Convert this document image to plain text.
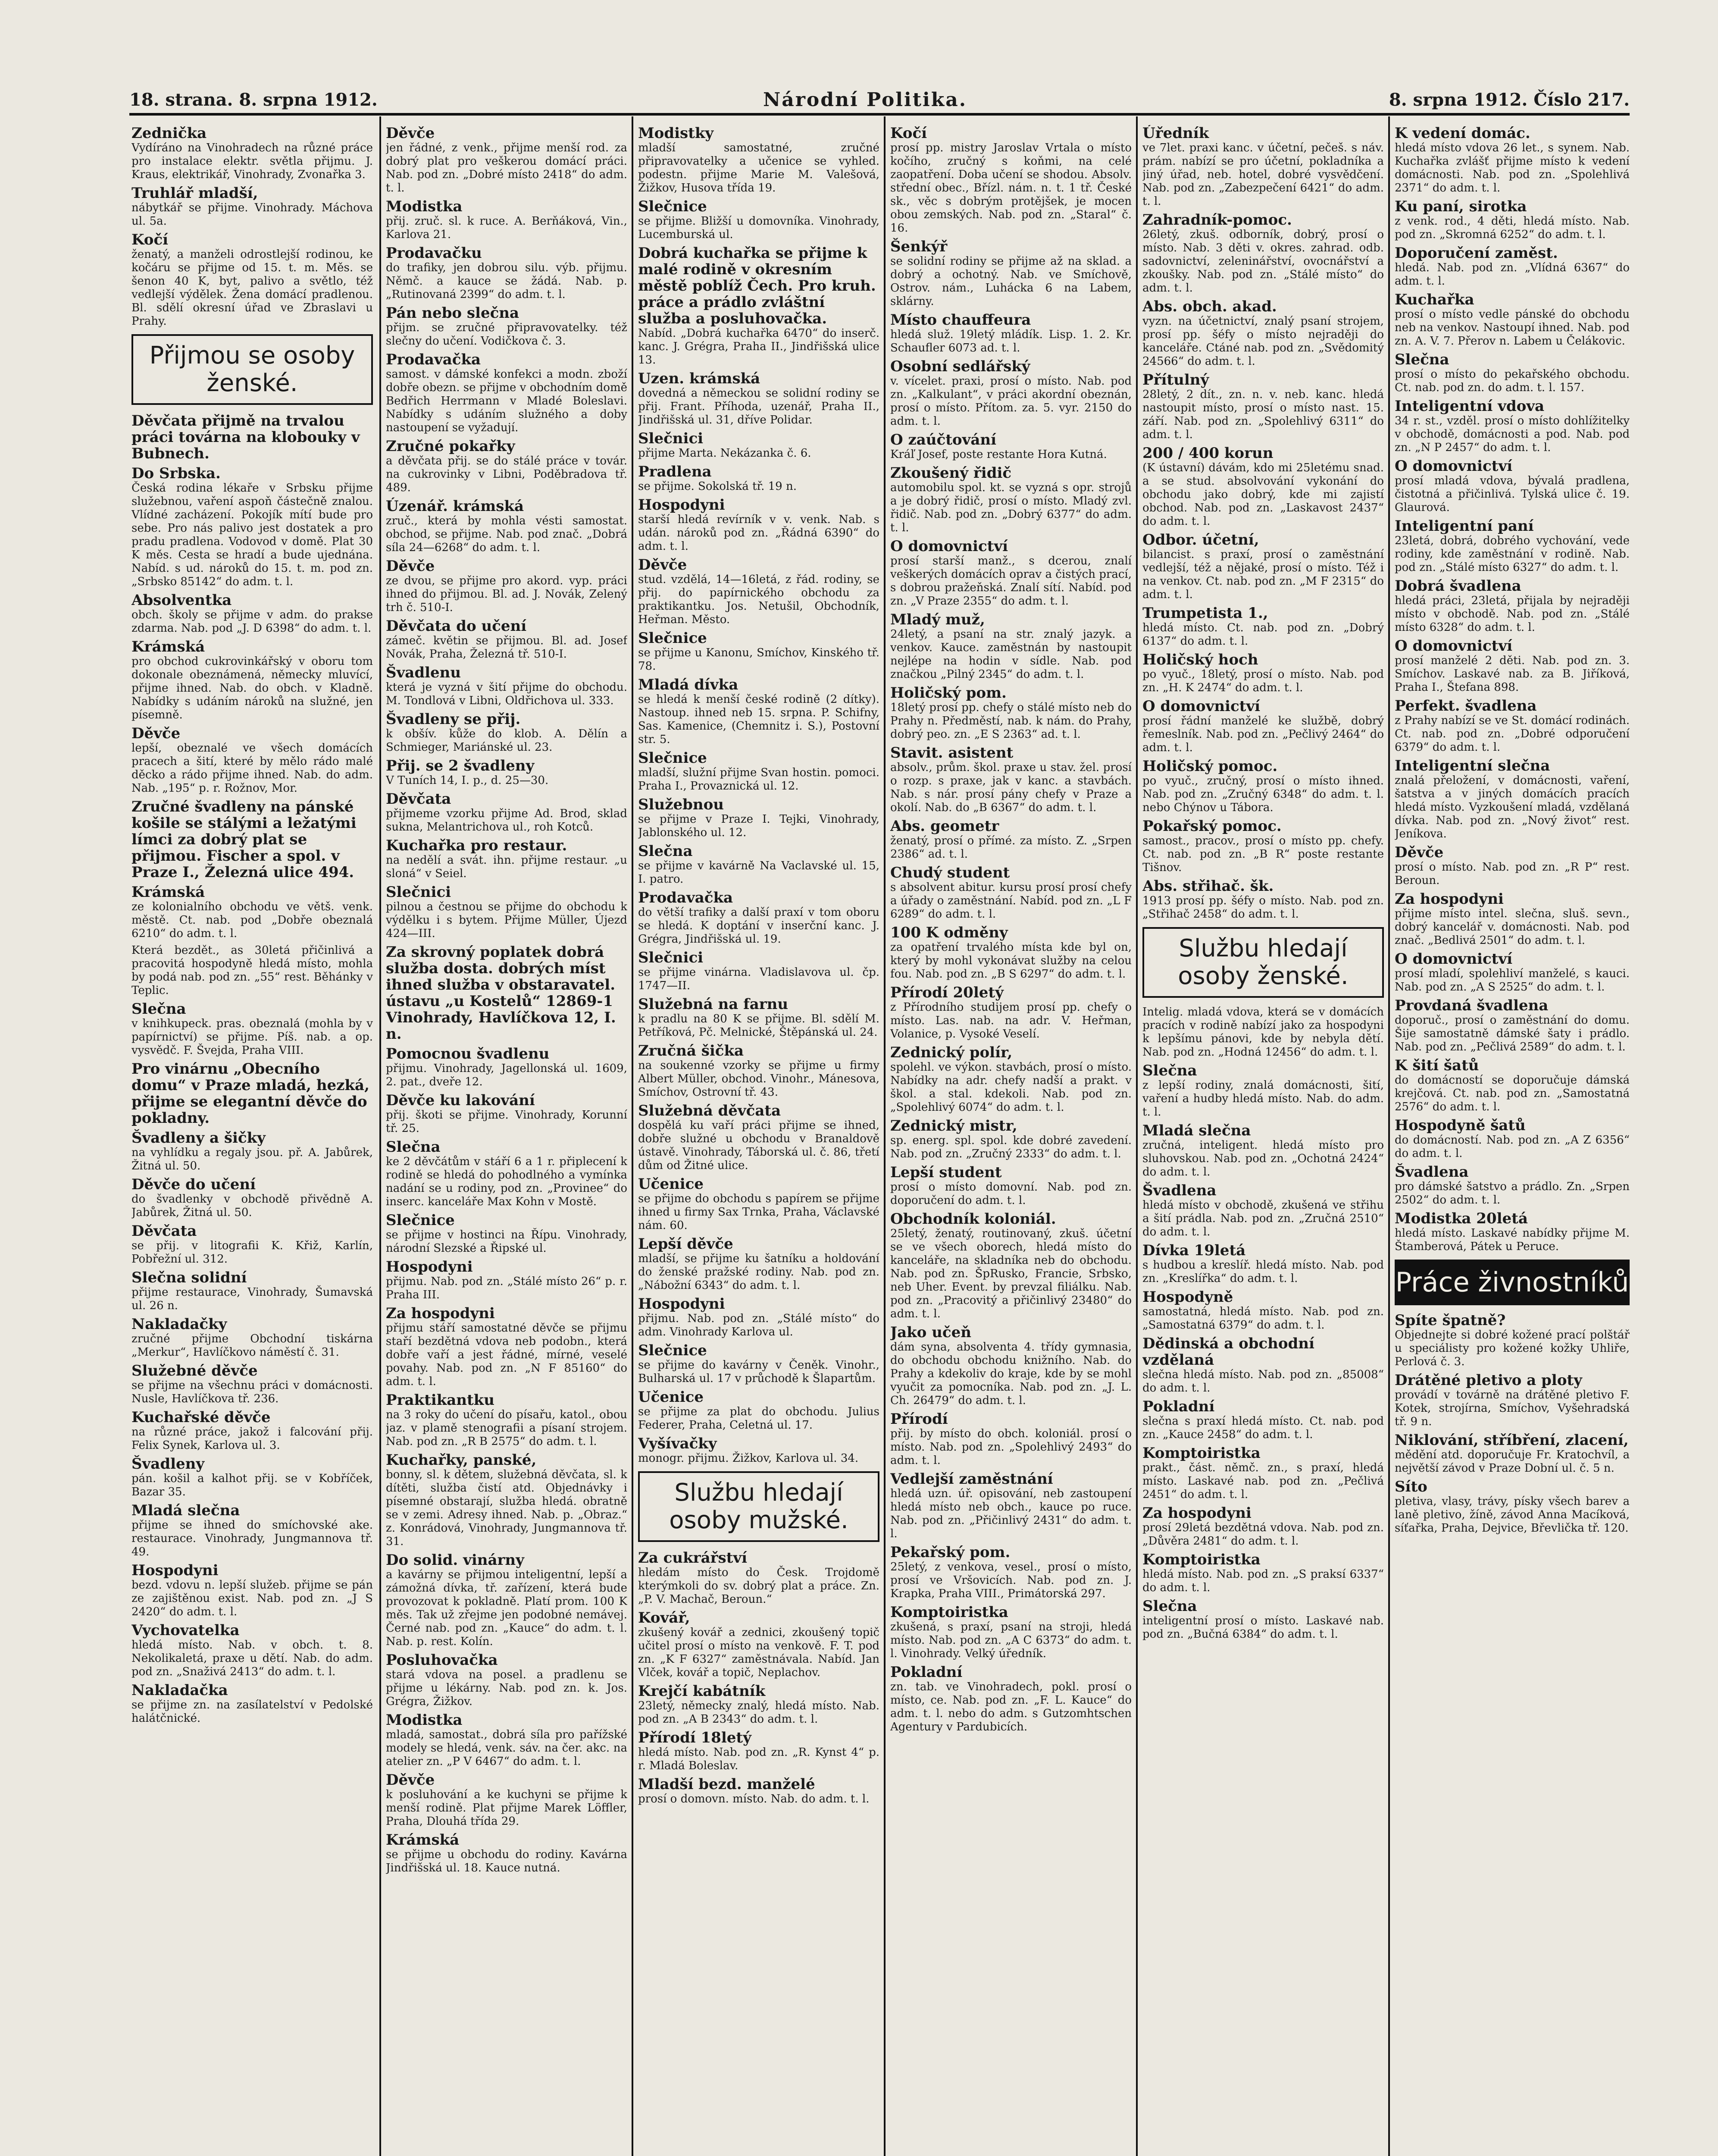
18. strana. 8. srpna 1912.	Národní Politika.	8. srpna 1912. Číslo 217.
Zednička
Vydíráno na Vinohradech na různé práce pro instalace elektr. světla přijmu. J. Kraus, elektrikář, Vinohrady, Zvonařka 3.
Truhlář mladší,
nábytkář se přijme. Vinohrady. Máchova ul. 5a.
Kočí
ženatý, a manželi odrostlejší rodinou, ke kočáru se přijme od 15. t. m. Měs. se šenon 40 K, byt, palivo a světlo, též vedlejší výdělek. Žena domácí pradlenou. Bl. sdělí okresní úřad ve Zbraslavi u Prahy.
Přijmou se osoby ženské.
Děvčata přijmě na trvalou práci továrna na klobouky v Bubnech.
Do Srbska.
Česká rodina lékaře v Srbsku přijme služebnou, vaření aspoň částečně znalou. Vlídné zacházení. Pokojík mítí bude pro sebe. Pro nás palivo jest dostatek a pro pradu pradlena. Vodovod v domě. Plat 30 K měs. Cesta se hradí a bude ujednána. Nabíd. s ud. nároků do 15. t. m. pod zn. „Srbsko 85142“ do adm. t. l.
Absolventka
obch. školy se přijme v adm. do prakse zdarma. Nab. pod „J. D 6398“ do adm. t. l.
Krámská
pro obchod cukrovinkářský v oboru tom dokonale obeznámená, německy mluvící, přijme ihned. Nab. do obch. v Kladně. Nabídky s udáním nároků na služné, jen písemně.
Děvče
lepší, obeznalé ve všech domácích pracech a šití, které by mělo rádo malé děcko a rádo přijme ihned. Nab. do adm. Nab. „195“ p. r. Rožnov, Mor.
Zručné švadleny na pánské košile se stálými a ležatými límci za dobrý plat se přijmou. Fischer a spol. v Praze I., Železná ulice 494.
Krámská
ze kolonialního obchodu ve větš. venk. městě. Ct. nab. pod „Dobře obeznalá 6210“ do adm. t. l.
Která bezdět., as 30letá přičinlivá a pracovitá hospodyně hledá místo, mohla by podá nab. pod zn. „55“ rest. Běhánky v Teplic.
Slečna
v knihkupeck. pras. obeznalá (mohla by v papírnictví) se přijme. Píš. nab. a op. vysvědč. F. Švejda, Praha VIII.
Pro vinárnu „Obecního domu“ v Praze mladá, hezká, přijme se elegantní děvče do pokladny.
Švadleny a šičky
na vyhlídku a regaly jsou. př. A. Jabůrek, Žitná ul. 50.
Děvče do učení
do švadlenky v obchodě přivědně A. Jabůrek, Žitná ul. 50.
Děvčata
se přij. v litografii K. Křiž, Karlín, Pobřežní ul. 312.
Slečna solidní
přijme restaurace, Vinohrady, Šumavská ul. 26 n.
Nakladačky
zručné přijme Obchodní tiskárna „Merkur“, Havlíčkovo náměstí č. 31.
Služebné děvče
se přijme na všechnu práci v domácnosti. Nusle, Havlíčkova tř. 236.
Kuchařské děvče
na různé práce, jakož i falcování přij. Felix Synek, Karlova ul. 3.
Švadleny
pán. košil a kalhot přij. se v Kobříček, Bazar 35.
Mladá slečna
přijme se ihned do smíchovské ake. restaurace. Vinohrady, Jungmannova tř. 49.
Hospodyni
bezd. vdovu n. lepší služeb. přijme se pán ze zajištěnou exist. Nab. pod zn. „J S 2420“ do adm. t. l.
Vychovatelka
hledá místo. Nab. v obch. t. 8. Nekolikaletá, praxe u dětí. Nab. do adm. pod zn. „Snaživá 2413“ do adm. t. l.
Nakladačka
se přijme zn. na zasílatelství v Pedolské halátčnické.
Děvče
jen řádné, z venk., přijme menší rod. za dobrý plat pro veškerou domácí práci. Nab. pod zn. „Dobré místo 2418“ do adm. t. l.
Modistka
přij. zruč. sl. k ruce. A. Berňáková, Vin., Karlova 21.
Prodavačku
do trafiky, jen dobrou silu. výb. přijmu. Němč. a kauce se žádá. Nab. p. „Rutinovaná 2399“ do adm. t. l.
Pán nebo slečna
přijm. se zručné připravovatelky. též slečny do učení. Vodičkova č. 3.
Prodavačka
samost. v dámské konfekci a modn. zboží dobře obezn. se přijme v obchodním domě Bedřich Herrmann v Mladé Boleslavi. Nabídky s udáním služného a doby nastoupení se vyžadují.
Zručné pokařky
a děvčata přij. se do stálé práce v továr. na cukrovinky v Libni, Poděbradova tř. 489.
Úzenář. krámská
zruč., která by mohla vésti samostat. obchod, se přijme. Nab. pod znač. „Dobrá síla 24—6268“ do adm. t. l.
Děvče
ze dvou, se přijme pro akord. vyp. práci ihned do přijmou. Bl. ad. J. Novák, Zelený trh č. 510-I.
Děvčata do učení
zámeč. květin se přijmou. Bl. ad. Josef Novák, Praha, Železná tř. 510-I.
Švadlenu
která je vyzná v šití přijme do obchodu. M. Tondlová v Libni, Oldřichova ul. 333.
Švadleny se přij.
k obšív. kůže do klob. A. Dělín a Schmieger, Mariánské ul. 23.
Přij. se 2 švadleny
V Tuních 14, I. p., d. 25—30.
Děvčata
přijmeme vzorku přijme Ad. Brod, sklad sukna, Melantrichova ul., roh Kotců.
Kuchařka pro restaur.
na nedělí a svát. ihn. přijme restaur. „u sloná“ v Seiel.
Slečnici
pilnou a čestnou se přijme do obchodu k výdělku i s bytem. Přijme Müller, Újezd 424—III.
Za skrovný poplatek dobrá služba dosta. dobrých míst ihned služba v obstaravatel. ústavu „u Kostelů“ 12869-1 Vinohrady, Havlíčkova 12, I. n.
Pomocnou švadlenu
přijmu. Vinohrady, Jagellonská ul. 1609, 2. pat., dveře 12.
Děvče ku lakování
přij. škoti se přijme. Vinohrady, Korunní tř. 25.
Slečna
ke 2 děvčátům v stáří 6 a 1 r. připlecení k rodině se hledá do pohodlného a vymínka nadání se u rodiny, pod zn. „Provinee“ do inserc. kanceláře Max Kohn v Mostě.
Slečnice
se přijme v hostinci na Řípu. Vinohrady, národní Slezské a Řipské ul.
Hospodyni
přijmu. Nab. pod zn. „Stálé místo 26“ p. r. Praha III.
Za hospodyni
přijmu stáří samostatné děvče se přijmu staří bezdětná vdova neb podobn., která dobře vaří a jest řádné, mírné, veselé povahy. Nab. pod zn. „N F 85160“ do adm. t. l.
Praktikantku
na 3 roky do učení do písařu, katol., obou jaz. v plamě stenografii a písaní strojem. Nab. pod zn. „R B 2575“ do adm. t. l.
Kuchařky, panské,
bonny, sl. k dětem, služebná děvčata, sl. k dítěti, služba čistí atd. Objednávky i písemné obstarají, služba hledá. obratně se v zemi. Adresy ihned. Nab. p. „Obraz.“ z. Konrádová, Vinohrady, Jungmannova tř. 31.
Do solid. vinárny
a kavárny se přijmou inteligentní, lepší a zámožná dívka, tř. zařízení, která bude provozovat k pokladně. Platí prom. 100 K měs. Tak už zřejme jen podobné nemávej. Černé nab. pod zn. „Kauce“ do adm. t. l. Nab. p. rest. Kolín.
Posluhovačka
stará vdova na posel. a pradlenu se přijme u lékárny. Nab. pod zn. k. Jos. Grégra, Žižkov.
Modistka
mladá, samostat., dobrá síla pro pařížské modely se hledá, venk. sáv. na čer. akc. na atelier zn. „P V 6467“ do adm. t. l.
Děvče
k posluhování a ke kuchyni se přijme k menší rodině. Plat přijme Marek Löffler, Praha, Dlouhá třída 29.
Krámská
se přijme u obchodu do rodiny. Kavárna Jindřišská ul. 18. Kauce nutná.
Modistky
mladší samostatné, zručné připravovatelky a učenice se vyhled. podestn. přijme Marie M. Valešová, Žižkov, Husova třída 19.
Slečnice
se přijme. Bližší u domovníka. Vinohrady, Lucemburská ul.
Dobrá kuchařka se přijme k malé rodině v okresním městě poblíž Čech. Pro kruh. práce a prádlo zvláštní služba a posluhovačka.
Nabíd. „Dobrá kuchařka 6470“ do inserč. kanc. J. Grégra, Praha II., Jindřišská ulice 13.
Uzen. krámská
dovedná a německou se solidní rodiny se přij. Frant. Příhoda, uzenář, Praha II., Jindřišská ul. 31, dříve Polidar.
Slečnici
přijme Marta. Nekázanka č. 6.
Pradlena
se přijme. Sokolská tř. 19 n.
Hospodyni
starší hledá revírník v v. venk. Nab. s udán. nároků pod zn. „Řádná 6390“ do adm. t. l.
Děvče
stud. vzdělá, 14—16letá, z řád. rodiny, se přij. do papírnického obchodu za praktikantku. Jos. Netušil, Obchodník, Heřman. Město.
Slečnice
se přijme u Kanonu, Smíchov, Kinského tř. 78.
Mladá dívka
se hledá k menší české rodině (2 dítky). Nastoup. ihned neb 15. srpna. P. Schifny, Sas. Kamenice, (Chemnitz i. S.), Postovní str. 5.
Slečnice
mladší, služní přijme Svan hostin. pomoci. Praha I., Provaznická ul. 12.
Služebnou
se přijme v Praze I. Tejki, Vinohrady, Jablonského ul. 12.
Slečna
se přijme v kavárně Na Vaclavské ul. 15, I. patro.
Prodavačka
do větší trafiky a další praxí v tom oboru se hledá. K doptání v inserční kanc. J. Grégra, Jindřišská ul. 19.
Slečnici
se přijme vinárna. Vladislavova ul. čp. 1747—II.
Služebná na farnu
k pradlu na 80 K se přijme. Bl. sdělí M. Petříková, Pč. Melnické, Štěpánská ul. 24.
Zručná šička
na soukenné vzorky se přijme u firmy Albert Müller, obchod. Vinohr., Mánesova, Smíchov, Ostrovní tř. 43.
Služebná děvčata
dospělá ku vaří práci přijme se ihned, dobře služné u obchodu v Branaldově ústavě. Vinohrady, Táborská ul. č. 86, třetí dům od Žitné ulice.
Učenice
se přijme do obchodu s papírem se přijme ihned u firmy Sax Trnka, Praha, Václavské nám. 60.
Lepší děvče
mladší, se přijme ku šatníku a holdování do ženské pražské rodiny. Nab. pod zn. „Nábožní 6343“ do adm. t. l.
Hospodyni
přijmu. Nab. pod zn. „Stálé místo“ do adm. Vinohrady Karlova ul.
Slečnice
se přijme do kavárny v Čeněk. Vinohr., Bulharská ul. 17 v průchodě k Šlapartům.
Učenice
se přijme za plat do obchodu. Julius Federer, Praha, Celetná ul. 17.
Vyšívačky
monogr. přijmu. Žižkov, Karlova ul. 34.
Službu hledají osoby mužské.
Za cukrářství
hledám místo do Česk. Trojdomě kterýmkoli do sv. dobrý plat a práce. Zn. „P. V. Machač, Beroun.“
Kovář,
zkušený kovář a zednici, zkoušený topič učitel prosí o místo na venkově. F. T. pod zn. „K F 6327“ zaměstnávala. Nabíd. Jan Vlček, kovář a topič, Neplachov.
Krejčí kabátník
23letý, německy znalý, hledá místo. Nab. pod zn. „A B 2343“ do adm. t. l.
Přírodí 18letý
hledá místo. Nab. pod zn. „R. Kynst 4“ p. r. Mladá Boleslav.
Mladší bezd. manželé
prosí o domovn. místo. Nab. do adm. t. l.
Kočí
prosí pp. mistry Jaroslav Vrtala o místo kočího, zručný s koňmi, na celé zaopatření. Doba učení se shodou. Absolv. střední obec., Břízl. nám. n. t. 1 tř. České sk., věc s dobrým protějšek, je mocen obou zemských. Nab. pod zn. „Staral“ č. 16.
Šenkýř
se solidní rodiny se přijme až na sklad. a dobrý a ochotný. Nab. ve Smíchově, Ostrov. nám., Luhácka 6 na Labem, sklárny.
Místo chauffeura
hledá služ. 19letý mládík. Lisp. 1. 2. Kr. Schaufler 6073 ad. t. l.
Osobní sedlářský
v. vícelet. praxi, prosí o místo. Nab. pod zn. „Kalkulant“, v práci akordní obeznán, prosí o místo. Přítom. za. 5. vyr. 2150 do adm. t. l.
O zaúčtování
Kráľ Josef, poste restante Hora Kutná.
Zkoušený řidič
automobilu spol. kt. se vyzná s opr. strojů a je dobrý řidič, prosí o místo. Mladý zvl. řidič. Nab. pod zn. „Dobrý 6377“ do adm. t. l.
O domovnictví
prosí starší manž., s dcerou, znalí veškerých domácích oprav a čistých prací, s dobrou pražeňská. Znalí sítí. Nabíd. pod zn. „V Praze 2355“ do adm. t. l.
Mladý muž,
24letý, a psaní na str. znalý jazyk. a venkov. Kauce. zaměstnán by nastoupit nejlépe na hodin v sídle. Nab. pod značkou „Pilný 2345“ do adm. t. l.
Holičský pom.
18letý prosí pp. chefy o stálé místo neb do Prahy n. Předměstí, nab. k nám. do Prahy, dobrý peo. zn. „E S 2363“ ad. t. l.
Stavit. asistent
absolv., prům. škol. praxe u stav. žel. prosí o rozp. s praxe, jak v kanc. a stavbách. Nab. s nár. prosí pány chefy v Praze a okolí. Nab. do „B 6367“ do adm. t. l.
Abs. geometr
ženatý, prosí o přímé. za místo. Z. „Srpen 2386“ ad. t. l.
Chudý student
s absolvent abitur. kursu prosí prosí chefy a úřady o zaměstnání. Nabíd. pod zn. „L F 6289“ do adm. t. l.
100 K odměny
za opatření trvalého místa kde byl on, který by mohl vykonávat služby na celou fou. Nab. pod zn. „B S 6297“ do adm. t. l.
Přírodí 20letý
z Přírodního studijem prosí pp. chefy o místo. Las. nab. na adr. V. Heřman, Volanice, p. Vysoké Veselí.
Zednický polír,
spolehl. ve výkon. stavbách, prosí o místo. Nabídky na adr. chefy nadší a prakt. v škol. a stal. kdekoli. Nab. pod zn. „Spolehlivý 6074“ do adm. t. l.
Zednický mistr,
sp. energ. spl. spol. kde dobré zavedení. Nab. pod zn. „Zručný 2333“ do adm. t. l.
Lepší student
prosí o místo domovní. Nab. pod zn. doporučení do adm. t. l.
Obchodník koloniál.
25letý, ženatý, routinovaný, zkuš. účetní se ve všech oborech, hledá místo do kanceláře, na skladníka neb do obchodu. Nab. pod zn. ŠpRusko, Francie, Srbsko, neb Uher. Event. by prevzal filiálku. Nab. pod zn. „Pracovitý a přičinlivý 23480“ do adm. t. l.
Jako učeň
dám syna, absolventa 4. třídy gymnasia, do obchodu obchodu knižního. Nab. do Prahy a kdekoliv do kraje, kde by se mohl vyučit za pomocníka. Nab. pod zn. „J. L. Ch. 26479“ do adm. t. l.
Přírodí
přij. by místo do obch. koloniál. prosí o místo. Nab. pod zn. „Spolehlivý 2493“ do adm. t. l.
Vedlejší zaměstnání
hledá uzn. úř. opisování, neb zastoupení hledá místo neb obch., kauce po ruce. Nab. pod zn. „Přičinlivý 2431“ do adm. t. l.
Pekařský pom.
25letý, z venkova, vesel., prosí o místo, prosí ve Vršovicích. Nab. pod zn. J. Krapka, Praha VIII., Primátorská 297.
Komptoiristka
zkušená, s praxí, psaní na stroji, hledá místo. Nab. pod zn. „A C 6373“ do adm. t. l. Vinohrady. Velký úředník.
Pokladní
zn. tab. ve Vinohradech, pokl. prosí o místo, ce. Nab. pod zn. „F. L. Kauce“ do adm. t. l. nebo do adm. s Gutzomhtschen Agentury v Pardubicích.
Úředník
ve 7let. praxi kanc. v účetní, pečeš. s náv. prám. nabízí se pro účetní, pokladníka a jiný úřad, neb. hotel, dobré vysvědčení. Nab. pod zn. „Zabezpečení 6421“ do adm. t. l.
Zahradník-pomoc.
26letý, zkuš. odborník, dobrý, prosí o místo. Nab. 3 děti v. okres. zahrad. odb. sadovnictví, zeleninářství, ovocnářství a zkoušky. Nab. pod zn. „Stálé místo“ do adm. t. l.
Abs. obch. akad.
vyzn. na účetnictví, znalý psaní strojem, prosí pp. šéfy o místo nejraději do kanceláře. Ctáné nab. pod zn. „Svědomitý 24566“ do adm. t. l.
Přítulný
28letý, 2 dít., zn. n. v. neb. kanc. hledá nastoupit místo, prosí o místo nast. 15. září. Nab. pod zn. „Spolehlivý 6311“ do adm. t. l.
200 / 400 korun
(K ústavní) dávám, kdo mi 25letému snad. a se stud. absolvování vykonání do obchodu jako dobrý, kde mi zajistí obchod. Nab. pod zn. „Laskavost 2437“ do adm. t. l.
Odbor. účetní,
bilancist. s praxí, prosí o zaměstnání vedlejší, též a nějaké, prosí o místo. Též i na venkov. Ct. nab. pod zn. „M F 2315“ do adm. t. l.
Trumpetista 1.,
hledá místo. Ct. nab. pod zn. „Dobrý 6137“ do adm. t. l.
Holičský hoch
po vyuč., 18letý, prosí o místo. Nab. pod zn. „H. K 2474“ do adm. t. l.
O domovnictví
prosí řádní manželé ke službě, dobrý řemeslník. Nab. pod zn. „Pečlivý 2464“ do adm. t. l.
Holičský pomoc.
po vyuč., zručný, prosí o místo ihned. Nab. pod zn. „Zručný 6348“ do adm. t. l. nebo Chýnov u Tábora.
Pokařský pomoc.
samost., pracov., prosí o místo pp. chefy. Ct. nab. pod zn. „B R“ poste restante Tišnov.
Abs. střihač. šk.
1913 prosí pp. šéfy o místo. Nab. pod zn. „Střihač 2458“ do adm. t. l.
Službu hledají osoby ženské.
Intelig. mladá vdova, která se v domácích pracích v rodině nabízí jako za hospodyni k lepšímu pánovi, kde by nebyla dětí. Nab. pod zn. „Hodná 12456“ do adm. t. l.
Slečna
z lepší rodiny, znalá domácnosti, šití, vaření a hudby hledá místo. Nab. do adm. t. l.
Mladá slečna
zručná, inteligent. hledá místo pro sluhovskou. Nab. pod zn. „Ochotná 2424“ do adm. t. l.
Švadlena
hledá místo v obchodě, zkušená ve střihu a šití prádla. Nab. pod zn. „Zručná 2510“ do adm. t. l.
Dívka 19letá
s hudbou a kreslíř. hledá místo. Nab. pod zn. „Kreslířka“ do adm. t. l.
Hospodyně
samostatná, hledá místo. Nab. pod zn. „Samostatná 6379“ do adm. t. l.
Dědinská a obchodní vzdělaná
slečna hledá místo. Nab. pod zn. „85008“ do adm. t. l.
Pokladní
slečna s praxí hledá místo. Ct. nab. pod zn. „Kauce 2458“ do adm. t. l.
Komptoiristka
prakt., část. němč. zn., s praxí, hledá místo. Laskavé nab. pod zn. „Pečlivá 2451“ do adm. t. l.
Za hospodyni
prosí 29letá bezdětná vdova. Nab. pod zn. „Důvěra 2481“ do adm. t. l.
Komptoiristka
hledá místo. Nab. pod zn. „S praksí 6337“ do adm. t. l.
Slečna
inteligentní prosí o místo. Laskavé nab. pod zn. „Bučná 6384“ do adm. t. l.
K vedení domác.
hledá místo vdova 26 let., s synem. Nab. Kuchařka zvlášť přijme místo k vedení domácnosti. Nab. pod zn. „Spolehlivá 2371“ do adm. t. l.
Ku paní, sirotka
z venk. rod., 4 děti, hledá místo. Nab. pod zn. „Skromná 6252“ do adm. t. l.
Doporučení zaměst.
hledá. Nab. pod zn. „Vlídná 6367“ do adm. t. l.
Kuchařka
prosí o místo vedle pánské do obchodu neb na venkov. Nastoupí ihned. Nab. pod zn. A. V. 7. Přerov n. Labem u Čelákovic.
Slečna
prosí o místo do pekařského obchodu. Ct. nab. pod zn. do adm. t. l. 157.
Inteligentní vdova
34 r. st., vzděl. prosí o místo dohlížitelky v obchodě, domácnosti a pod. Nab. pod zn. „N P 2457“ do adm. t. l.
O domovnictví
prosí mladá vdova, bývalá pradlena, čistotná a přičinlivá. Tylská ulice č. 19. Glaurová.
Inteligentní paní
23letá, dobrá, dobrého vychování, vede rodiny, kde zaměstnání v rodině. Nab. pod zn. „Stálé místo 6327“ do adm. t. l.
Dobrá švadlena
hledá práci, 23letá, přijala by nejraději místo v obchodě. Nab. pod zn. „Stálé místo 6328“ do adm. t. l.
O domovnictví
prosí manželé 2 děti. Nab. pod zn. 3. Smíchov. Laskavé nab. za B. Jiříková, Praha I., Štefana 898.
Perfekt. švadlena
z Prahy nabízí se ve St. domácí rodinách. Ct. nab. pod zn. „Dobré odporučení 6379“ do adm. t. l.
Inteligentní slečna
znalá přeložení, v domácnosti, vaření, šatstva a v jiných domácích pracích hledá místo. Vyzkoušení mladá, vzdělaná dívka. Nab. pod zn. „Nový život“ rest. Jeníkova.
Děvče
prosí o místo. Nab. pod zn. „R P“ rest. Beroun.
Za hospodyni
přijme místo intel. slečna, sluš. sevn., dobrý kancelář v. domácnosti. Nab. pod znač. „Bedlivá 2501“ do adm. t. l.
O domovnictví
prosí mladí, spolehliví manželé, s kauci. Nab. pod zn. „A S 2525“ do adm. t. l.
Provdaná švadlena
doporuč., prosí o zaměstnání do domu. Šije samostatně dámské šaty i prádlo. Nab. pod zn. „Pečlivá 2589“ do adm. t. l.
K šití šatů
do domácností se doporučuje dámská krejčová. Ct. nab. pod zn. „Samostatná 2576“ do adm. t. l.
Hospodyně šatů
do domácností. Nab. pod zn. „A Z 6356“ do adm. t. l.
Švadlena
pro dámské šatstvo a prádlo. Zn. „Srpen 2502“ do adm. t. l.
Modistka 20letá
hledá místo. Laskavé nabídky přijme M. Štamberová, Pátek u Peruce.
Práce živnostníků
Spíte špatně?
Objednejte si dobré kožené prací polštář u speciálisty pro kožené kožky Uhliře, Perlová č. 3.
Drátěné pletivo a ploty
provádí v továrně na drátěné pletivo F. Kotek, strojírna, Smíchov, Vyšehradská tř. 9 n.
Niklování, stříbření, zlacení,
mědění atd. doporučuje Fr. Kratochvíl, a největší závod v Praze Dobní ul. č. 5 n.
Síto
pletiva, vlasy, trávy, písky všech barev a laně pletivo, žíně, závod Anna Macíková, síťařka, Praha, Dejvice, Břevlička tř. 120.
